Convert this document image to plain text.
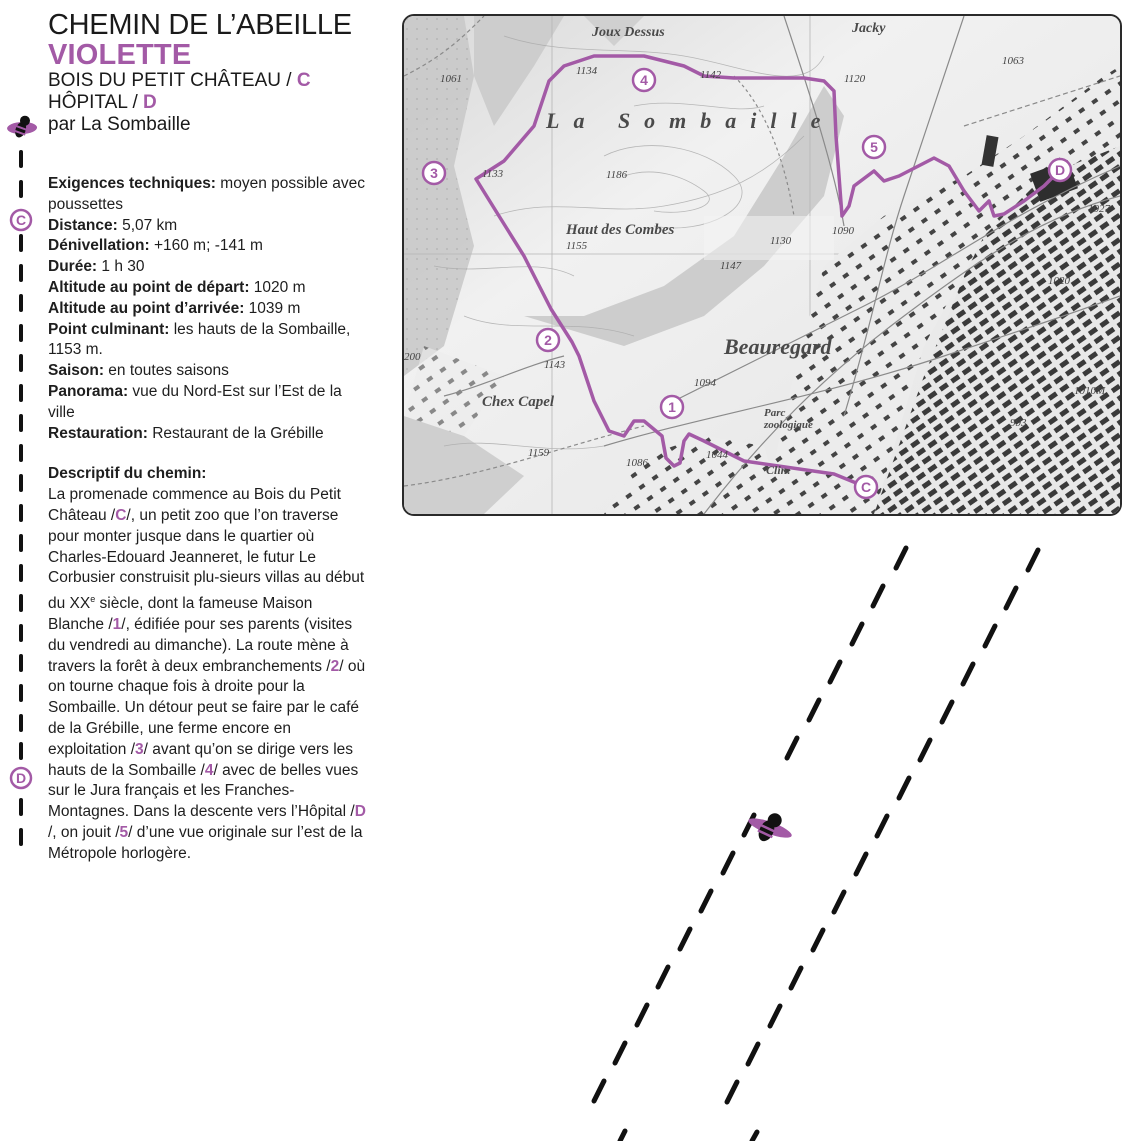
C
D
CHEMIN DE L’ABEILLE
VIOLETTE

BOIS DU PETIT CHÂTEAU / C

HÔPITAL / D

par La Sombaille

Exigences techniques: moyen possible avec poussettes

Distance: 5,07 km

Dénivellation: +160 m; -141 m

Durée: 1 h 30

Altitude au point de départ: 1020 m

Altitude au point d’arrivée: 1039 m

Point culminant: les hauts de la Sombaille, 1153 m.

Saison: en toutes saisons

Panorama: vue du Nord-Est sur l’Est de la ville

Restauration: Restaurant de la Grébille

Descriptif du chemin:

La promenade commence au Bois du Petit Château /C/, un petit zoo que l’on traverse pour monter jusque dans le quartier où Charles-Edouard Jeanneret, le futur Le Corbusier construisit plu-sieurs villas au début du XXe siècle, dont la fameuse Maison Blanche /1/, édifiée pour ses parents (visites du vendredi au dimanche). La route mène à travers la forêt à deux embranchements /2/ où on tourne chaque fois à droite pour la Sombaille. Un détour peut se faire par le café de la Grébille, une ferme encore en exploitation /3/ avant qu’on se dirige vers les hauts de la Sombaille /4/ avec de belles vues sur le Jura français et les Franches-Montagnes. Dans la descente vers l’Hôpital /D /, on jouit /5/ d’une vue originale sur l’est de la Métropole horlogère.

Joux Dessus	Jacky
La Sombaille
Haut des Combes
Beauregard
Chex Capel
Parc
zoologique
Clin.
1061
1134	1142	1120
1063
1133	1186
1155	1130
1090
1147
1020
1027
200
1143
1094
1010M
1159
1086
1044
993
1
2
3
4
5
C
D
